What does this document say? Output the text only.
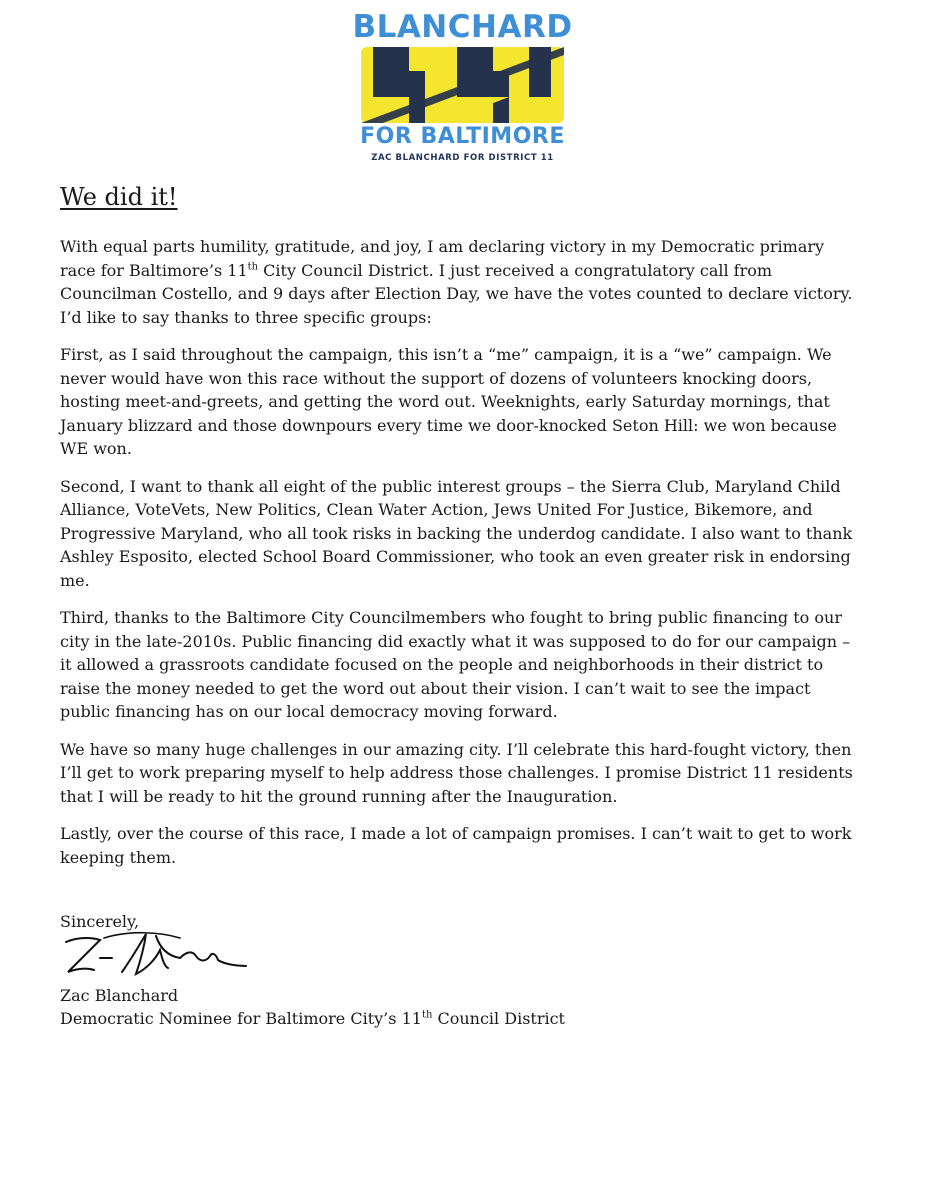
BLANCHARD
FOR BALTIMORE
ZAC BLANCHARD FOR DISTRICT 11
We did it!

With equal parts humility, gratitude, and joy, I am declaring victory in my Democratic primary race for Baltimore’s 11th City Council District. I just received a congratulatory call from Councilman Costello, and 9 days after Election Day, we have the votes counted to declare victory. I’d like to say thanks to three specific groups:

First, as I said throughout the campaign, this isn’t a “me” campaign, it is a “we” campaign. We never would have won this race without the support of dozens of volunteers knocking doors, hosting meet-and-greets, and getting the word out. Weeknights, early Saturday mornings, that January blizzard and those downpours every time we door-knocked Seton Hill: we won because WE won.

Second, I want to thank all eight of the public interest groups – the Sierra Club, Maryland Child Alliance, VoteVets, New Politics, Clean Water Action, Jews United For Justice, Bikemore, and Progressive Maryland, who all took risks in backing the underdog candidate. I also want to thank Ashley Esposito, elected School Board Commissioner, who took an even greater risk in endorsing me.

Third, thanks to the Baltimore City Councilmembers who fought to bring public financing to our city in the late-2010s. Public financing did exactly what it was supposed to do for our campaign – it allowed a grassroots candidate focused on the people and neighborhoods in their district to raise the money needed to get the word out about their vision. I can’t wait to see the impact public financing has on our local democracy moving forward.

We have so many huge challenges in our amazing city. I’ll celebrate this hard-fought victory, then I’ll get to work preparing myself to help address those challenges. I promise District 11 residents that I will be ready to hit the ground running after the Inauguration.

Lastly, over the course of this race, I made a lot of campaign promises. I can’t wait to get to work keeping them.

Sincerely,
Zac Blanchard
Democratic Nominee for Baltimore City’s 11th Council District
